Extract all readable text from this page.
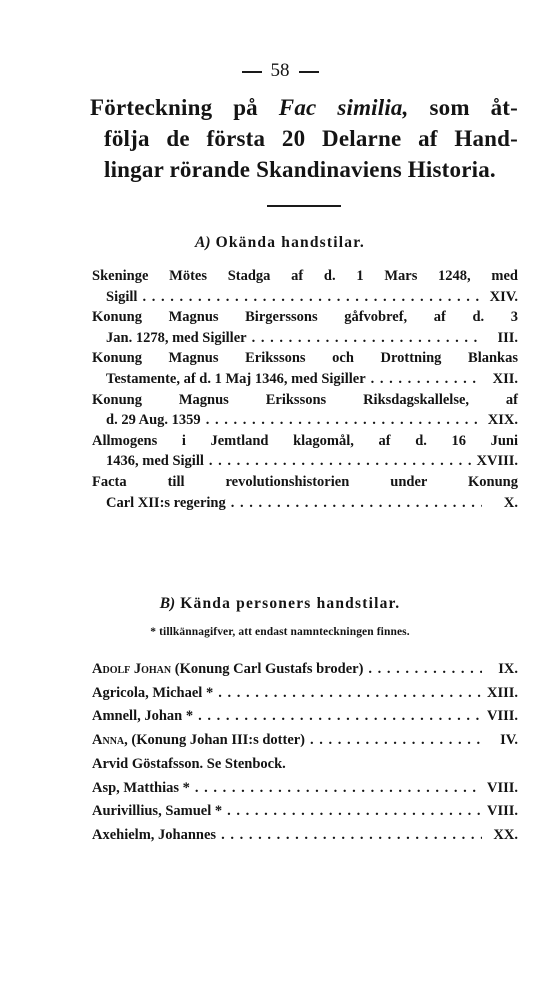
58
Förteckning på Fac similia, som åt-
följa de första 20 Delarne af Hand-
lingar rörande Skandinaviens Historia.
A) Okända handstilar.
Skeninge Mötes Stadga af d. 1 Mars 1248, med
Sigill . . .	XIV.
Konung Magnus Birgerssons gåfvobref, af d. 3
Jan. 1278, med Sigiller . . .	III.
Konung Magnus Erikssons och Drottning Blankas
Testamente, af d. 1 Maj 1346, med Sigiller . . .	XII.
Konung Magnus Erikssons Riksdagskallelse, af
d. 29 Aug. 1359 . . .	XIX.
Allmogens i Jemtland klagomål, af d. 16 Juni
1436, med Sigill . . .	XVIII.
Facta till revolutionshistorien under Konung
Carl XII:s regering . . .	X.
B) Kända personers handstilar.
* tillkännagifver, att endast namnteckningen finnes.
Adolf Johan (Konung Carl Gustafs broder) . . .	IX.
Agricola, Michael * . . .	XIII.
Amnell, Johan * . . .	VIII.
Anna, (Konung Johan III:s dotter) . . .	IV.
Arvid Göstafsson. Se Stenbock.
Asp, Matthias * . . .	VIII.
Aurivillius, Samuel * . . .	VIII.
Axehielm, Johannes . . .	XX.
